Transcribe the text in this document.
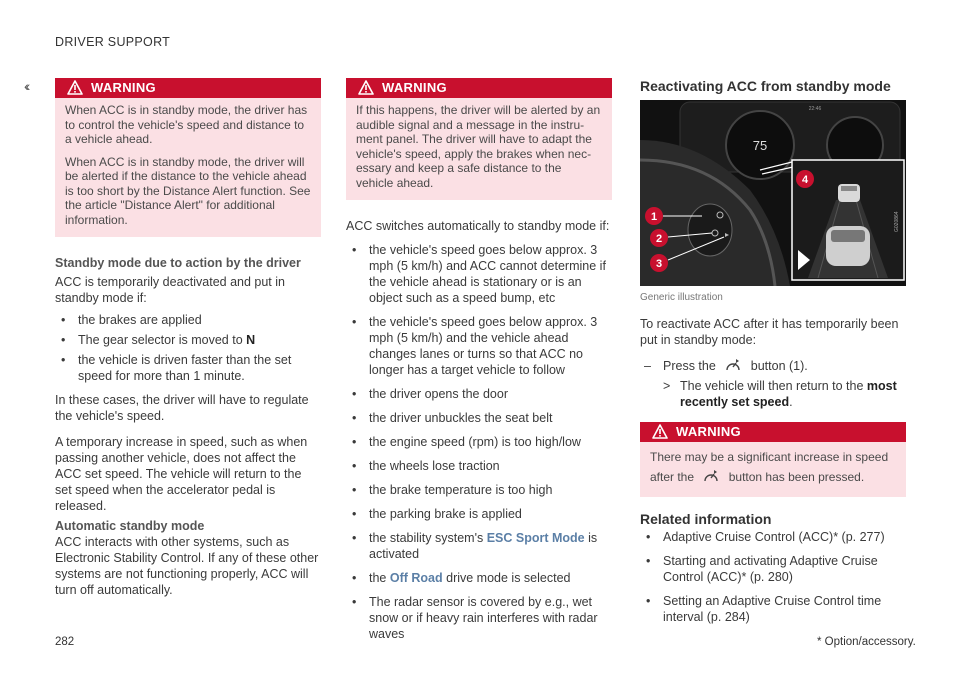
DRIVER SUPPORT
‹‹	WARNING

When ACC is in standby mode, the driver has to control the vehicle's speed and distance to a vehicle ahead.

When ACC is in standby mode, the driver will be alerted if the distance to the vehicle ahead is too short by the Distance Alert function. See the article "Distance Alert" for additional information.

Standby mode due to action by the driver

ACC is temporarily deactivated and put in standby mode if:

• the brakes are applied
• The gear selector is moved to N
• the vehicle is driven faster than the set speed for more than 1 minute.

In these cases, the driver will have to regulate the vehicle's speed.

A temporary increase in speed, such as when passing another vehicle, does not affect the ACC set speed. The vehicle will return to the set speed when the accelerator pedal is released.

Automatic standby mode

ACC interacts with other systems, such as Electronic Stability Control. If any of these other systems are not functioning properly, ACC will turn off automatically.

WARNING

If this happens, the driver will be alerted by an audible signal and a message in the instru-ment panel. The driver will have to adapt the vehicle's speed, apply the brakes when nec-essary and keep a safe distance to the vehicle ahead.

ACC switches automatically to standby mode if:

• the vehicle's speed goes below approx. 3 mph (5 km/h) and ACC cannot determine if the vehicle ahead is stationary or is an object such as a speed bump, etc
• the vehicle's speed goes below approx. 3 mph (5 km/h) and the vehicle ahead changes lanes or turns so that ACC no longer has a target vehicle to follow
• the driver opens the door
• the driver unbuckles the seat belt
• the engine speed (rpm) is too high/low
• the wheels lose traction
• the brake temperature is too high
• the parking brake is applied
• the stability system's ESC Sport Mode is activated
• the Off Road drive mode is selected
• The radar sensor is covered by e.g., wet snow or if heavy rain interferes with radar waves
Reactivating ACC from standby mode
75
22:46
G020864
1
2
3
4
Generic illustration

To reactivate ACC after it has temporarily been put in standby mode:

– Press the	button (1).
> The vehicle will then return to the most recently set speed.
WARNING
There may be a significant increase in speed
after the	button has been pressed.
Related information
• Adaptive Cruise Control (ACC)* (p. 277)
• Starting and activating Adaptive Cruise Control (ACC)* (p. 280)
• Setting an Adaptive Cruise Control time interval (p. 284)
282	* Option/accessory.
